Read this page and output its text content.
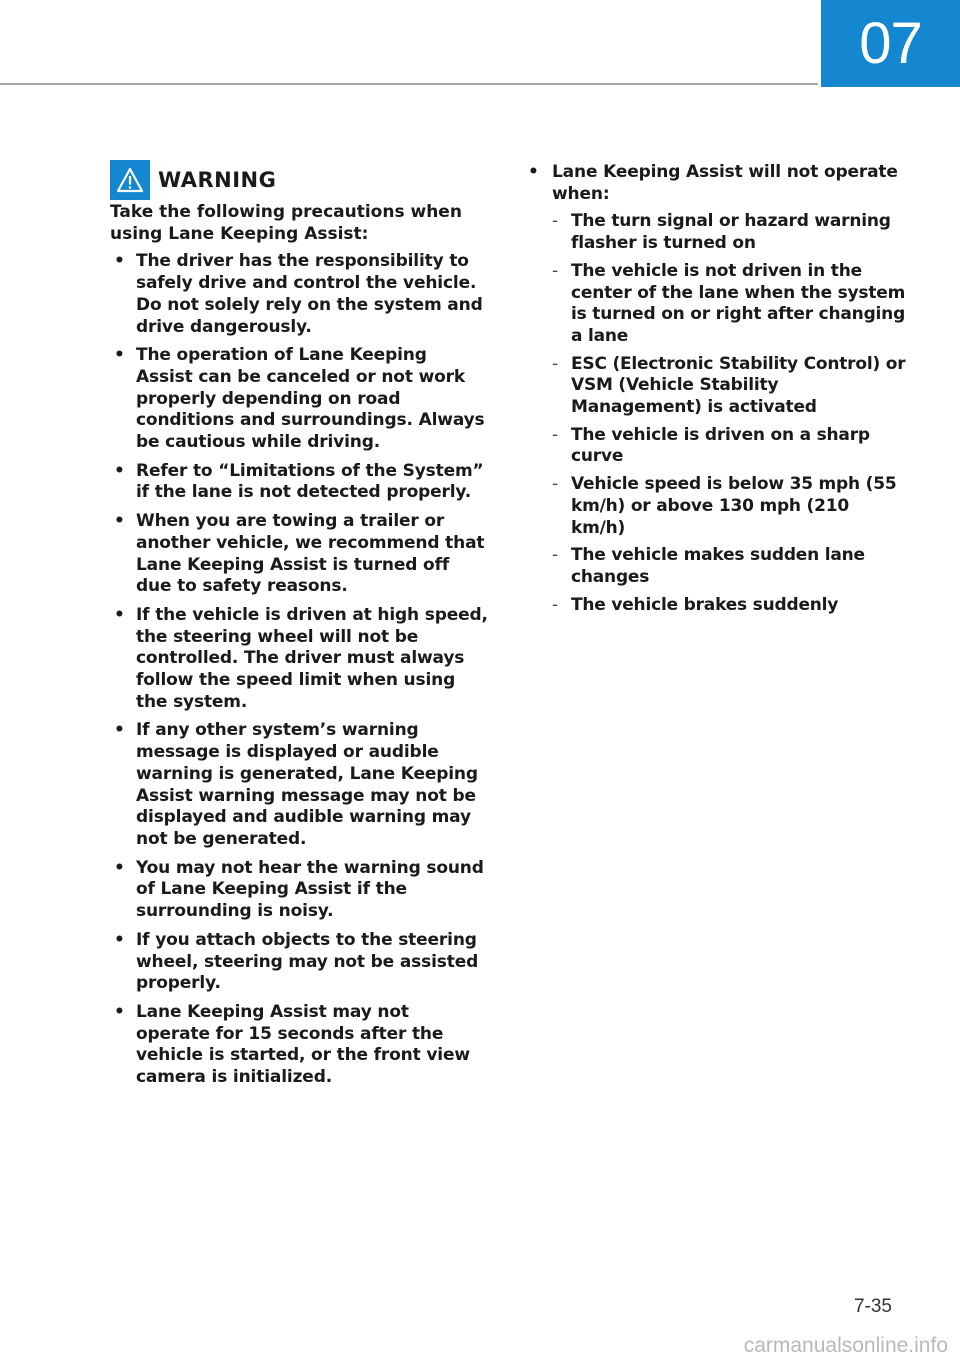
07
WARNING
Take the following precautions when using Lane Keeping Assist:
• The driver has the responsibility to safely drive and control the vehicle. Do not solely rely on the system and drive dangerously.
• The operation of Lane Keeping Assist can be canceled or not work properly depending on road conditions and surroundings. Always be cautious while driving.
• Refer to “Limitations of the System” if the lane is not detected properly.
• When you are towing a trailer or another vehicle, we recommend that Lane Keeping Assist is turned off due to safety reasons.
• If the vehicle is driven at high speed, the steering wheel will not be controlled. The driver must always follow the speed limit when using the system.
• If any other system’s warning message is displayed or audible warning is generated, Lane Keeping Assist warning message may not be displayed and audible warning may not be generated.
• You may not hear the warning sound of Lane Keeping Assist if the surrounding is noisy.
• If you attach objects to the steering wheel, steering may not be assisted properly.
• Lane Keeping Assist may not operate for 15 seconds after the vehicle is started, or the front view camera is initialized.
• Lane Keeping Assist will not operate when:
- The turn signal or hazard warning flasher is turned on
- The vehicle is not driven in the center of the lane when the system is turned on or right after changing a lane
- ESC (Electronic Stability Control) or VSM (Vehicle Stability Management) is activated
- The vehicle is driven on a sharp curve
- Vehicle speed is below 35 mph (55 km/h) or above 130 mph (210 km/h)
- The vehicle makes sudden lane changes
- The vehicle brakes suddenly
7-35
carmanualsonline.info
